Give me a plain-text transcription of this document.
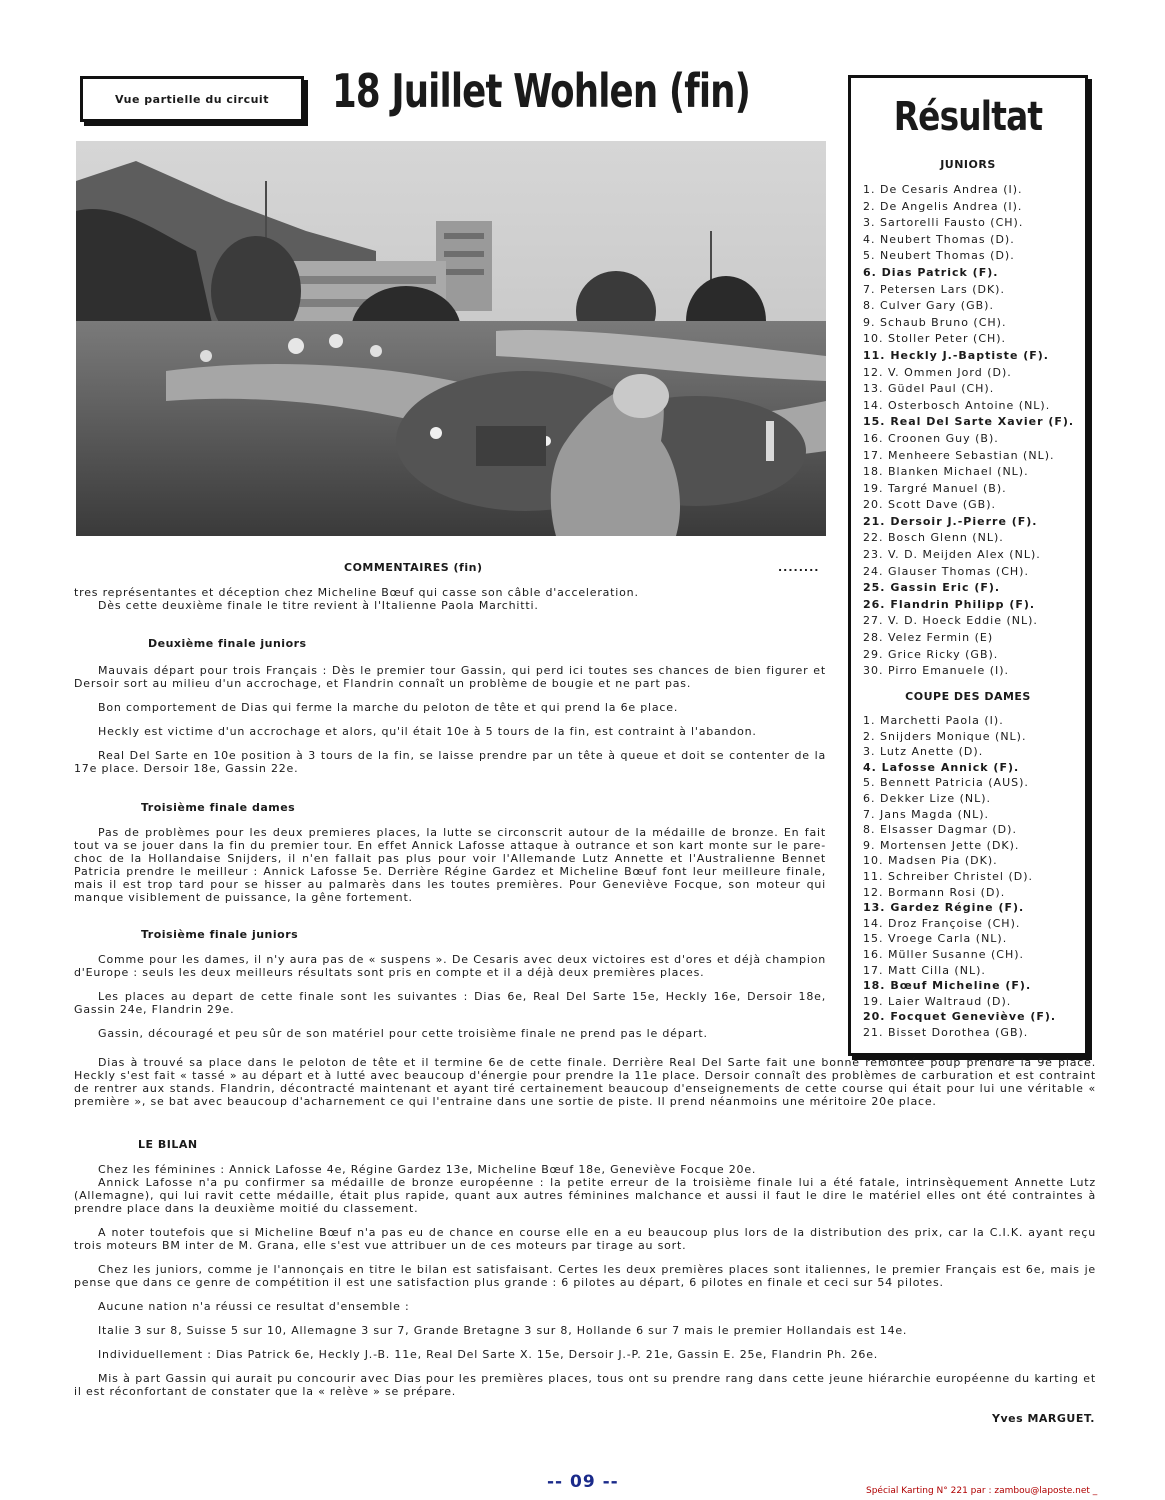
Vue partielle du circuit	18 Juillet Wohlen (fin)	Résultat
JUNIORS
1. De Cesaris Andrea (I).
2. De Angelis Andrea (I).
3. Sartorelli Fausto (CH).
4. Neubert Thomas (D).
5. Neubert Thomas (D).
6. Dias Patrick (F).
7. Petersen Lars (DK).
8. Culver Gary (GB).
9. Schaub Bruno (CH).
10. Stoller Peter (CH).
11. Heckly J.-Baptiste (F).
12. V. Ommen Jord (D).
13. Güdel Paul (CH).
14. Osterbosch Antoine (NL).
15. Real Del Sarte Xavier (F).
16. Croonen Guy (B).
17. Menheere Sebastian (NL).
18. Blanken Michael (NL).
19. Targré Manuel (B).
20. Scott Dave (GB).
21. Dersoir J.-Pierre (F).
22. Bosch Glenn (NL).
23. V. D. Meijden Alex (NL).
24. Glauser Thomas (CH).
25. Gassin Eric (F).
26. Flandrin Philipp (F).
27. V. D. Hoeck Eddie (NL).
28. Velez Fermin (E)
29. Grice Ricky (GB).
30. Pirro Emanuele (I).
COUPE DES DAMES
1. Marchetti Paola (I).
2. Snijders Monique (NL).
3. Lutz Anette (D).
4. Lafosse Annick (F).
5. Bennett Patricia (AUS).
6. Dekker Lize (NL).
7. Jans Magda (NL).
8. Elsasser Dagmar (D).
9. Mortensen Jette (DK).
10. Madsen Pia (DK).
11. Schreiber Christel (D).
12. Bormann Rosi (D).
13. Gardez Régine (F).
14. Droz Françoise (CH).
15. Vroege Carla (NL).
16. Müller Susanne (CH).
17. Matt Cilla (NL).
18. Bœuf Micheline (F).
19. Laier Waltraud (D).
20. Focquet Geneviève (F).
21. Bisset Dorothea (GB).
COMMENTAIRES (fin)	........

tres représentantes et déception chez Micheline Bœuf qui casse son câble d'acceleration.

Dès cette deuxième finale le titre revient à l'Italienne Paola Marchitti.

Deuxième finale juniors

Mauvais départ pour trois Français : Dès le premier tour Gassin, qui perd ici toutes ses chances de bien figurer et Dersoir sort au milieu d'un accrochage, et Flandrin connaît un problème de bougie et ne part pas.

Bon comportement de Dias qui ferme la marche du peloton de tête et qui prend la 6e place.

Heckly est victime d'un accrochage et alors, qu'il était 10e à 5 tours de la fin, est contraint à l'abandon.

Real Del Sarte en 10e position à 3 tours de la fin, se laisse prendre par un tête à queue et doit se contenter de la 17e place. Dersoir 18e, Gassin 22e.

Troisième finale dames

Pas de problèmes pour les deux premieres places, la lutte se circonscrit autour de la médaille de bronze. En fait tout va se jouer dans la fin du premier tour. En effet Annick Lafosse attaque à outrance et son kart monte sur le pare-choc de la Hollandaise Snijders, il n'en fallait pas plus pour voir l'Allemande Lutz Annette et l'Australienne Bennet Patricia prendre le meilleur : Annick Lafosse 5e. Derrière Régine Gardez et Micheline Bœuf font leur meilleure finale, mais il est trop tard pour se hisser au palmarès dans les toutes premières. Pour Geneviève Focque, son moteur qui manque visiblement de puissance, la gêne fortement.

Troisième finale juniors

Comme pour les dames, il n'y aura pas de « suspens ». De Cesaris avec deux victoires est d'ores et déjà champion d'Europe : seuls les deux meilleurs résultats sont pris en compte et il a déjà deux premières places.

Les places au depart de cette finale sont les suivantes : Dias 6e, Real Del Sarte 15e, Heckly 16e, Dersoir 18e, Gassin 24e, Flandrin 29e.

Gassin, découragé et peu sûr de son matériel pour cette troisième finale ne prend pas le départ.

Dias à trouvé sa place dans le peloton de tête et il termine 6e de cette finale. Derrière Real Del Sarte fait une bonne remontée poup prendre la 9e place. Heckly s'est fait « tassé » au départ et à lutté avec beaucoup d'énergie pour prendre la 11e place. Dersoir connaît des problèmes de carburation et est contraint de rentrer aux stands. Flandrin, décontracté maintenant et ayant tiré certainement beaucoup d'enseignements de cette course qui était pour lui une véritable « première », se bat avec beaucoup d'acharnement ce qui l'entraine dans une sortie de piste. Il prend néanmoins une méritoire 20e place.

LE BILAN

Chez les féminines : Annick Lafosse 4e, Régine Gardez 13e, Micheline Bœuf 18e, Geneviève Focque 20e.

Annick Lafosse n'a pu confirmer sa médaille de bronze européenne : la petite erreur de la troisième finale lui a été fatale, intrinsèquement Annette Lutz (Allemagne), qui lui ravit cette médaille, était plus rapide, quant aux autres féminines malchance et aussi il faut le dire le matériel elles ont été contraintes à prendre place dans la deuxième moitié du classement.

A noter toutefois que si Micheline Bœuf n'a pas eu de chance en course elle en a eu beaucoup plus lors de la distribution des prix, car la C.I.K. ayant reçu trois moteurs BM inter de M. Grana, elle s'est vue attribuer un de ces moteurs par tirage au sort.

Chez les juniors, comme je l'annonçais en titre le bilan est satisfaisant. Certes les deux premières places sont italiennes, le premier Français est 6e, mais je pense que dans ce genre de compétition il est une satisfaction plus grande : 6 pilotes au départ, 6 pilotes en finale et ceci sur 54 pilotes.

Aucune nation n'a réussi ce resultat d'ensemble :

Italie 3 sur 8, Suisse 5 sur 10, Allemagne 3 sur 7, Grande Bretagne 3 sur 8, Hollande 6 sur 7 mais le premier Hollandais est 14e.

Individuellement : Dias Patrick 6e, Heckly J.-B. 11e, Real Del Sarte X. 15e, Dersoir J.-P. 21e, Gassin E. 25e, Flandrin Ph. 26e.

Mis à part Gassin qui aurait pu concourir avec Dias pour les premières places, tous ont su prendre rang dans cette jeune hiérarchie européenne du karting et il est réconfortant de constater que la « relève » se prépare.

Yves MARGUET.
-- 09 --	Spécial Karting N° 221 par : zambou@laposte.net _
